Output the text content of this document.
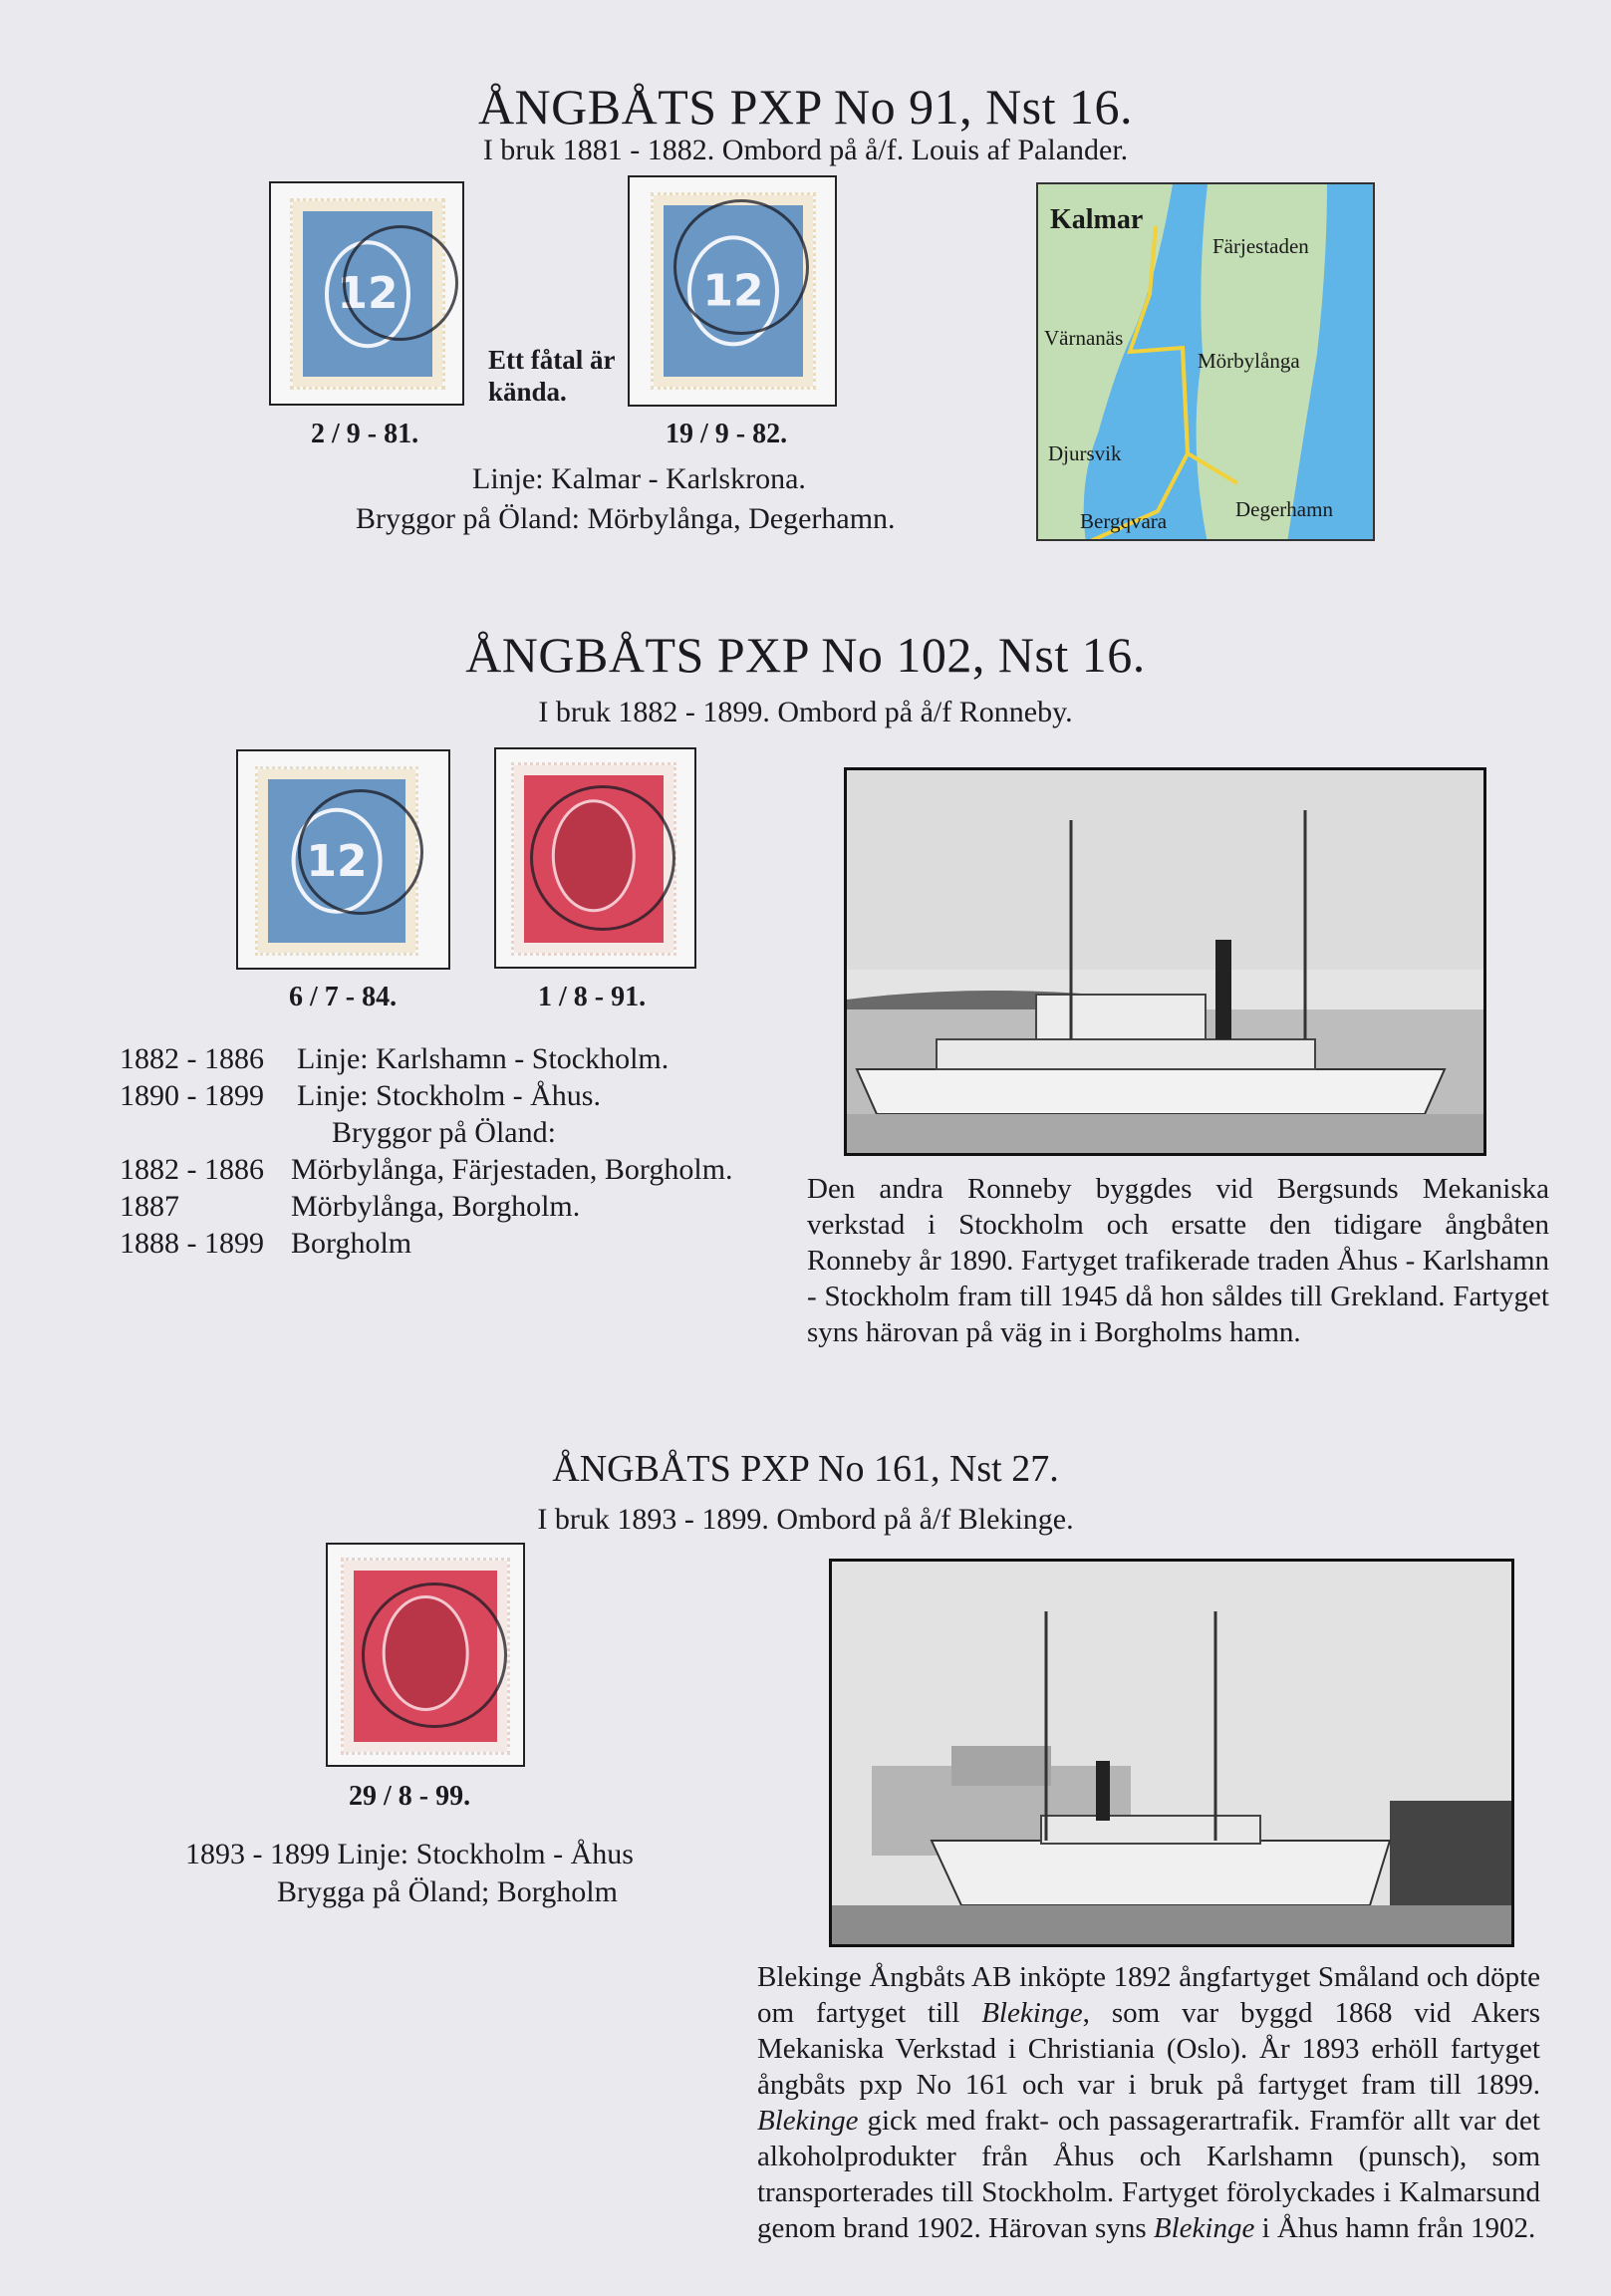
ÅNGBÅTS PXP No 91, Nst 16.
I bruk 1881 - 1882. Ombord på å/f. Louis af Palander.
12
2 / 9 - 81.
Ett fåtal är
kända.
12
19 / 9 - 82.
Linje: Kalmar - Karlskrona.
Bryggor på Öland: Mörbylånga, Degerhamn.
Kalmar
Färjestaden
Värnanäs
Mörbylånga
Djursvik
Degerhamn
Bergqvara
ÅNGBÅTS PXP No 102, Nst 16.
I bruk 1882 - 1899. Ombord på å/f Ronneby.
12
6 / 7 - 84.	1 / 8 - 91.
1882 - 1886 Linje: Karlshamn - Stockholm.
1890 - 1899 Linje: Stockholm - Åhus.
Bryggor på Öland:
1882 - 1886 Mörbylånga, Färjestaden, Borgholm.
1887	Mörbylånga, Borgholm.
1888 - 1899 Borgholm
Den andra Ronneby byggdes vid Bergsunds Mekaniska verkstad i Stockholm och ersatte den tidigare ångbåten Ronneby år 1890. Fartyget trafikerade traden Åhus - Karlshamn - Stockholm fram till 1945 då hon såldes till Grekland. Fartyget syns härovan på väg in i Borgholms hamn.
ÅNGBÅTS PXP No 161, Nst 27.
I bruk 1893 - 1899. Ombord på å/f Blekinge.
29 / 8 - 99.
1893 - 1899 Linje: Stockholm - Åhus
Brygga på Öland; Borgholm
Blekinge Ångbåts AB inköpte 1892 ångfartyget Småland och döpte om fartyget till Blekinge, som var byggd 1868 vid Akers Mekaniska Verkstad i Christiania (Oslo). År 1893 erhöll fartyget ångbåts pxp No 161 och var i bruk på fartyget fram till 1899. Blekinge gick med frakt- och passagerartrafik. Framför allt var det alkoholprodukter från Åhus och Karlshamn (punsch), som transporterades till Stockholm. Fartyget förolyckades i Kalmarsund genom brand 1902. Härovan syns Blekinge i Åhus hamn från 1902.
